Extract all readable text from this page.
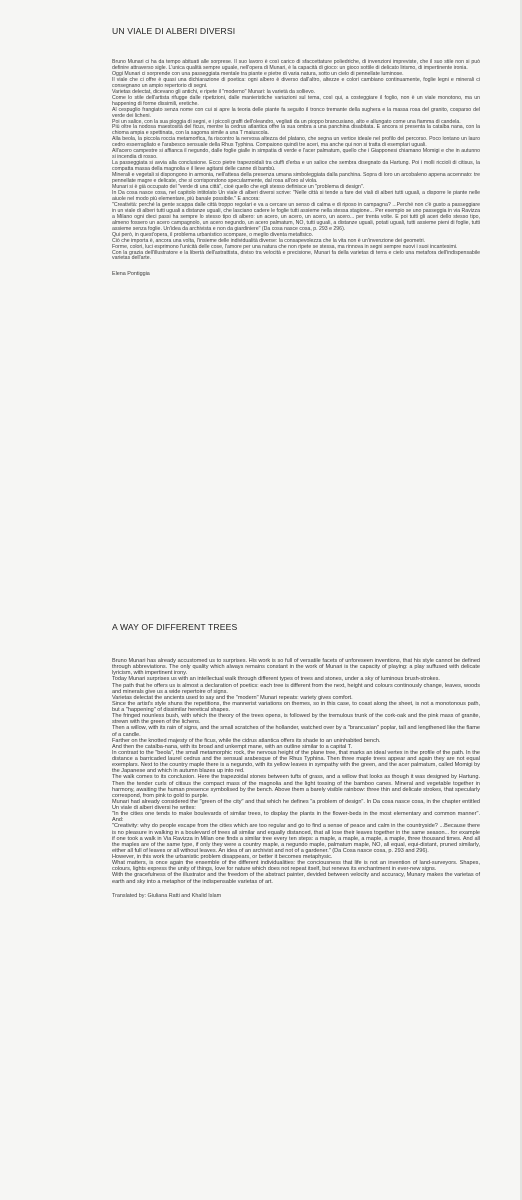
UN VIALE DI ALBERI DIVERSI

Bruno Munari ci ha da tempo abituati alle sorprese. Il suo lavoro è così carico di sfaccettature poliedriche, di invenzioni impreviste, che il suo stile non si può definire attraverso sigle. L'unica qualità sempre uguale, nell'opera di Munari, è la capacità di gioco: un gioco sottile di delicato lirismo, di impertinente ironia.

Oggi Munari ci sorprende con una passeggiata mentale tra piante e pietre di varia natura, sotto un cielo di pennellate luminose.

Il viale che ci offre è quasi una dichiarazione di poetica: ogni albero è diverso dall'altro, altezze e colori cambiano continuamente, foglie legni e minerali ci consegnano un ampio repertorio di segni.

Varietas delectat, dicevano gli antichi, e ripete il "moderno" Munari: la varietà da sollievo.

Come lo stile dell'artista rifugge dalle ripetizioni, dalle manieristiche variazioni sul tema, così qui, a costeggiare il foglio, non è un viale monotono, ma un happening di forme dissimili, eretiche.

Al cespuglio frangiato senza nome con cui si apre la teoria delle piante fa seguito il tronco tremante della sughera e la massa rosa del granito, cosparso del verde dei licheni.

Poi un salice, con la sua pioggia di segni, e i piccoli graffi dell'oleandro, vegliati da un pioppo brancusiano, alto e allungato come una fiamma di candela.

Più oltre la nodosa maestosità del ficus, mentre la cedrus atlantica offre la sua ombra a una panchina disabitata. E ancora si presenta la catalba nana, con la chioma ampia e spettinata, con la sagoma simile a una T maiuscola.

Alla beola, la piccola roccia metamorfica, fa riscontro la nervosa altezza del platano, che segna un vertice ideale nel profilo del percorso. Poco lontano un lauro cedro esserragliato e l'arabesco sensuale della Rhus Typhina. Compaiono quindi tre aceri, ma anche qui non si tratta di esemplari uguali.

All'acero campestre si affianca il negundo, dalle foglie gialle in simpatia di verde e l'acer palmatum, quello che i Giapponesi chiamano Momigi e che in autunno si incendia di rosso.

La passeggiata si avvia alla conclusione. Ecco pietre trapezoidali tra ciuffi d'erba e un salice che sembra disegnato da Hartung. Poi i molli riccioli di citisus, la compatta massa della magnolia e il lieve agitarsi delle canne di bambù.

Minerali e vegetali si dispongono in armonia, nell'attesa della presenza umana simboleggiata dalla panchina. Sopra di loro un arcobaleno appena accennato: tre pennellate magre e delicate, che si corrispondono specularmente, dal rosa all'oro al viola.

Munari si è già occupato del "verde di una città", cioè quello che egli stesso definisce un "problema di design".

In Da cosa nasce cosa, nel capitolo intitolato Un viale di alberi diversi scrive: "Nelle città si tende a fare dei viali di alberi tutti uguali, a disporre le piante nelle aiuole nel modo più elementare, più banale possibile." E ancora:

"Creatività: perché la gente scappa dalle città troppo regolari e va a cercare un senso di calma e di riposo in campagna? ...Perché non c'è gusto a passeggiare in un viale di alberi tutti uguali a distanze uguali, che lasciano cadere le foglie tutti assieme nella stessa stagione... Per esempio se uno passeggia in via Ravizza a Milano ogni dieci passi ha sempre lo stesso tipo di albero: un acero, un acero, un acero, un acero... per trenta volte. E poi tutti gli aceri dello stesso tipo, almeno fossero un acero campagnolo, un acero negundo, un acero palmatum, NO, tutti uguali, a distanze uguali, potati uguali, tutti assieme pieni di foglie, tutti assieme senza foglie. Un'idea da archivista e non da giardiniere" (Da cosa nasce cosa, p. 293 e 296).

Qui però, in quest'opera, il problema urbanistico scompare, o meglio diventa metafisico.

Ciò che importa è, ancora una volta, l'insieme delle individualità diverse: la consapevolezza che la vita non è un'invenzione dei geometri.

Forme, colori, luci esprimono l'unicità delle cose, l'amore per una natura che non ripete se stessa, ma rinnova in segni sempre nuovi i suoi incantesimi.

Con la grazia dell'illustratore e la libertà dell'astrattista, diviso tra velocità e precisione, Munari fa della varietas di terra e cielo una metafora dell'indispensabile varietas dell'arte.

Elena Pontiggia
A WAY OF DIFFERENT TREES

Bruno Munari has already accustomed us to surprises. His work is so full of versatile facets of unforeseen inventions, that his style cannot be defined through abbreviations. The only quality which always remains constant in the work of Munari is the capacity of playing: a play suffused with delicate lyricism, with impertinent irony.

Today Munari surprises us with an intellectual walk through different types of trees and stones, under a sky of luminous brush-strokes.

The path that he offers us is almost a declaration of poetics: each tree is different from the next, height and colours continously change, leaves, woods and minerals give us a wide repertoire of signs.

Varietas delectat the ancients used to say and the "modern" Munari repeats: variety gives comfort.

Since the artist's style shuns the repetitions, the mannerist variations on themes, so in this case, to coast along the sheet, is not a monotonous path, but a "happening" of dissimilar heretical shapes.

The fringed nounless bush, with which the theory of the trees opens, is followed by the tremulous trunk of the cork-oak and the pink mass of granite, strewn with the green of the lichens.

Then a willow, with its rain of signs, and the small scratches of the hollander, watched over by a "brancusian" poplar, tall and lengthened like the flame of a candle.

Farther on the knotted majesty of the ficus, while the cidrus atlantica offers its shade to an uninhabited bench.

And then the catalba-nana, with its broad and unkempt mane, with an outline similar to a capital T.

In contrast to the "beola", the small metamorphic rock, the nervous height of the plane tree, that marks an ideal vertex in the profile of the path. In the distance a barricaded laurel cedrus and the sensual arabesque of the Rhus Typhina. Then three maple trees appear and again they are not equal exemplars. Next to the country maple there is a negundo, with its yellow leaves in sympathy with the green, and the acer palmatum, called Momigi by the Japanese and which in autumn blazes up into red.

The walk comes to its conclusion. Here the trapezoidal stones between tufts of grass, and a willow that looks as though it was designed by Hartung. Then the tender curls of citisus the compact mass of the magnolia and the light tossing of the bamboo canes. Mineral and vegetable together in harmony, awaiting the human presence symbolised by the bench. Above them a barely visible rainbow: three thin and delicate strokes, that specularly correspond, from pink to gold to purple.

Munari had already considered the "green of the city" and that which he defines "a problem of design". In Da cosa nasce cosa, in the chapter entitled Un viale di alberi diversi he writes:

"In the cities one tends to make boulevards of similar trees, to display the plants in the flower-beds in the most elementary and common manner". And:

"Creativity: why do people escape from the cities which are too regular and go to find a sense of peace and calm in the countryside? ...Because there is no pleasure in walking in a boulevard of trees all similar and equally distanced, that all lose their leaves together in the same season... for example if one took a walk in Via Ravizza in Milan one finds a similar tree every ten steps: a maple, a maple, a maple, a maple, three thousand times. And all the maples are of the same type, if only they were a country maple, a negundo maple, palmatum maple, NO, all equal, equi-distant, pruned similarly, either all full of leaves or all without leaves. An idea of an archivist and not of a gardener." (Da Cosa nasce cosa, p. 293 and 296).

However, in this work the urbanistic problem disappears, or better it becomes metaphysic.

What matters, is once again the ensemble of the different individualities: the conciousness that life is not an invention of land-surveyors. Shapes, colours, lights express the unity of things, love for nature which does not repeat itself, but renews its enchantment in ever-new signs.

With the gracefulness of the illustrator and the freedom of the abstract painter, devided between velocity and accuracy, Munary makes the varietas of earth and sky into a metaphor of the indispensable varietas of art.

Translated by: Giuliana Ratti and Khalid Islam
